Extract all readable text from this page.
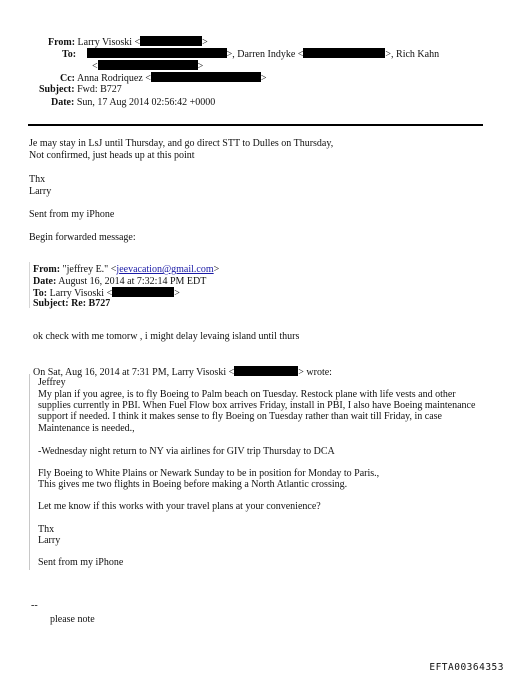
From: Larry Visoski <	>
To:	>, Darren Indyke <	>, Rich Kahn
<	>
Cc: Anna Rodriquez <	>
Subject: Fwd: B727
Date: Sun, 17 Aug 2014 02:56:42 +0000
Je may stay in LsJ until Thursday, and go direct STT to Dulles on Thursday,
Not confirmed, just heads up at this point
Thx
Larry
Sent from my iPhone
Begin forwarded message:
From: "jeffrey E." <jeevacation@gmail.com>
Date: August 16, 2014 at 7:32:14 PM EDT
To: Larry Visoski <	>
Subject: Re: B727
ok check with me tomorw , i might delay levaing island until thurs
On Sat, Aug 16, 2014 at 7:31 PM, Larry Visoski <	> wrote:
Jeffrey
My plan if you agree, is to fly Boeing to Palm beach on Tuesday. Restock plane with life vests and other
supplies currently in PBI. When Fuel Flow box arrives Friday, install in PBI, I also have Boeing maintenance
support if needed. I think it makes sense to fly Boeing on Tuesday rather than wait till Friday, in case
Maintenance is needed.,
-Wednesday night return to NY via airlines for GIV trip Thursday to DCA
Fly Boeing to White Plains or Newark Sunday to be in position for Monday to Paris.,
This gives me two flights in Boeing before making a North Atlantic crossing.
Let me know if this works with your travel plans at your convenience?
Thx
Larry
Sent from my iPhone
--
please note
EFTA00364353
